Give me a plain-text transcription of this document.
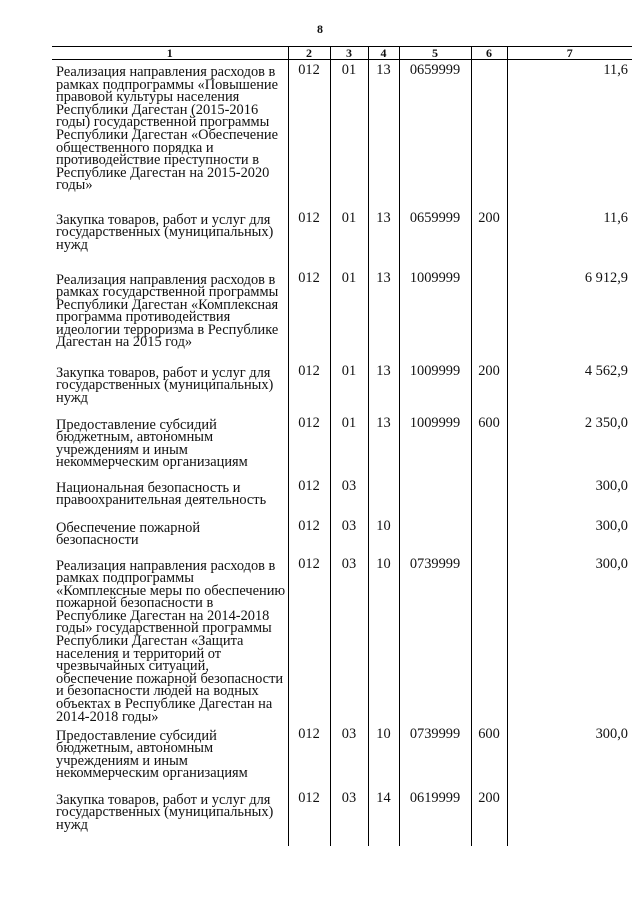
8
1	2	3	4	5	6	7
Реализация направления расходов в рамках подпрограммы «Повышение правовой культуры населения Республики Дагестан (2015-2016 годы) государственной программы Республики Дагестан «Обеспечение общественного порядка и противодействие преступности в Республике Дагестан на 2015-2020 годы»	012	01	13	0659999		11,6
Закупка товаров, работ и услуг для государственных (муниципальных) нужд	012	01	13	0659999	200	11,6
Реализация направления расходов в рамках государственной программы Республики Дагестан «Комплексная программа противодействия идеологии терроризма в Республике Дагестан на 2015 год»	012	01	13	1009999		6 912,9
Закупка товаров, работ и услуг для государственных (муниципальных) нужд	012	01	13	1009999	200	4 562,9
Предоставление субсидий бюджетным, автономным учреждениям и иным некоммерческим организациям	012	01	13	1009999	600	2 350,0
Национальная безопасность и правоохранительная деятельность	012	03				300,0
Обеспечение пожарной безопасности	012	03	10			300,0
Реализация направления расходов в рамках подпрограммы «Комплексные меры по обеспечению пожарной безопасности в Республике Дагестан на 2014-2018 годы» государственной программы Республики Дагестан «Защита населения и территорий от чрезвычайных ситуаций, обеспечение пожарной безопасности и безопасности людей на водных объектах в Республике Дагестан на 2014-2018 годы»	012	03	10	0739999		300,0
Предоставление субсидий бюджетным, автономным учреждениям и иным некоммерческим организациям	012	03	10	0739999	600	300,0
Закупка товаров, работ и услуг для государственных (муниципальных) нужд	012	03	14	0619999	200	
